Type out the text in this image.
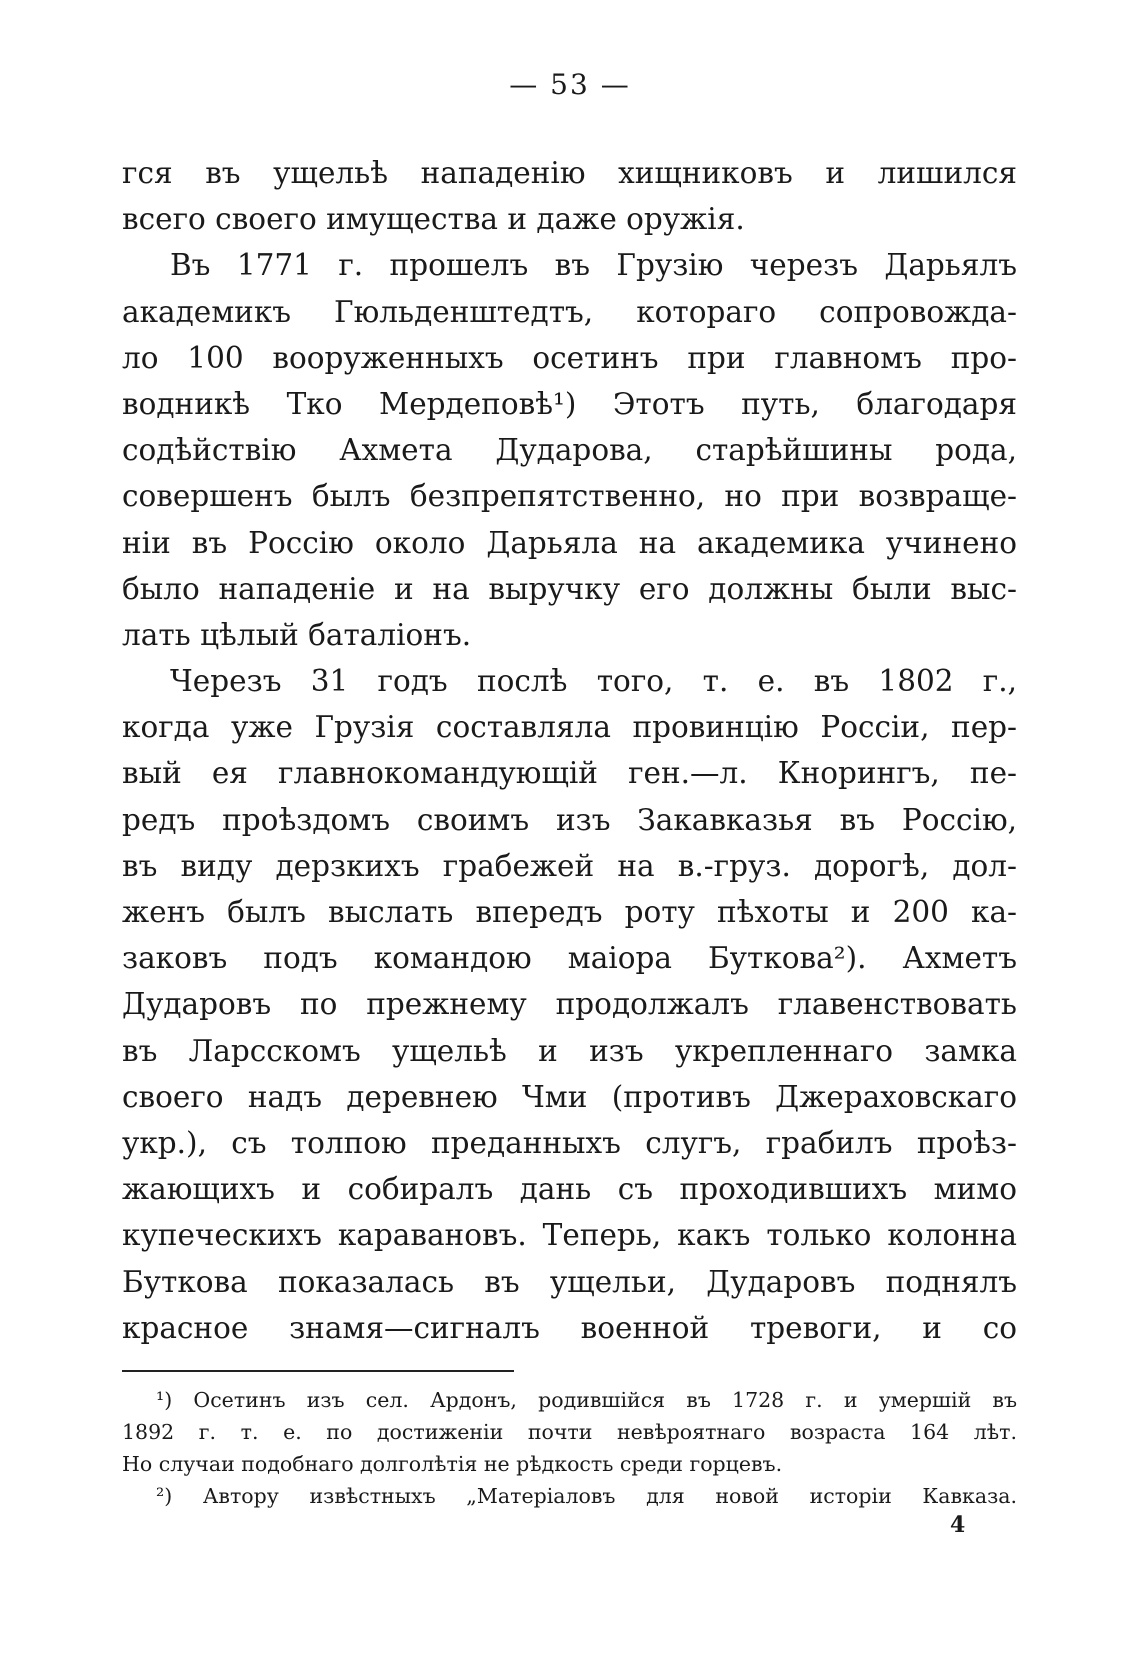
— 53 —
гся въ ущельѣ нападенію хищниковъ и лишился
всего своего имущества и даже оружія.
Въ 1771 г. прошелъ въ Грузію черезъ Дарьялъ
академикъ Гюльденштедтъ, котораго сопровожда-
ло 100 вооруженныхъ осетинъ при главномъ про-
водникѣ Тко Мердеповѣ¹) Этотъ путь, благодаря
содѣйствію Ахмета Дударова, старѣйшины рода,
совершенъ былъ безпрепятственно, но при возвраще-
ніи въ Россію около Дарьяла на академика учинено
было нападеніе и на выручку его должны были выс-
лать цѣлый баталіонъ.
Черезъ 31 годъ послѣ того, т. е. въ 1802 г.,
когда уже Грузія составляла провинцію Россіи, пер-
вый ея главнокомандующій ген.—л. Кнорингъ, пе-
редъ проѣздомъ своимъ изъ Закавказья въ Россію,
въ виду дерзкихъ грабежей на в.-груз. дорогѣ, дол-
женъ былъ выслать впередъ роту пѣхоты и 200 ка-
заковъ подъ командою маіора Буткова²). Ахметъ
Дударовъ по прежнему продолжалъ главенствовать
въ Ларсскомъ ущельѣ и изъ укрепленнаго замка
своего надъ деревнею Чми (противъ Джераховскаго
укр.), съ толпою преданныхъ слугъ, грабилъ проѣз-
жающихъ и собиралъ дань съ проходившихъ мимо
купеческихъ каравановъ. Теперь, какъ только колонна
Буткова показалась въ ущельи, Дударовъ поднялъ
красное знамя—сигналъ военной тревоги, и со
¹) Осетинъ изъ сел. Ардонъ, родившійся въ 1728 г. и умершій въ
1892 г. т. е. по достиженіи почти невѣроятнаго возраста 164 лѣт.
Но случаи подобнаго долголѣтія не рѣдкость среди горцевъ.
²) Автору извѣстныхъ „Матеріаловъ для новой исторіи Кавказа.
4
